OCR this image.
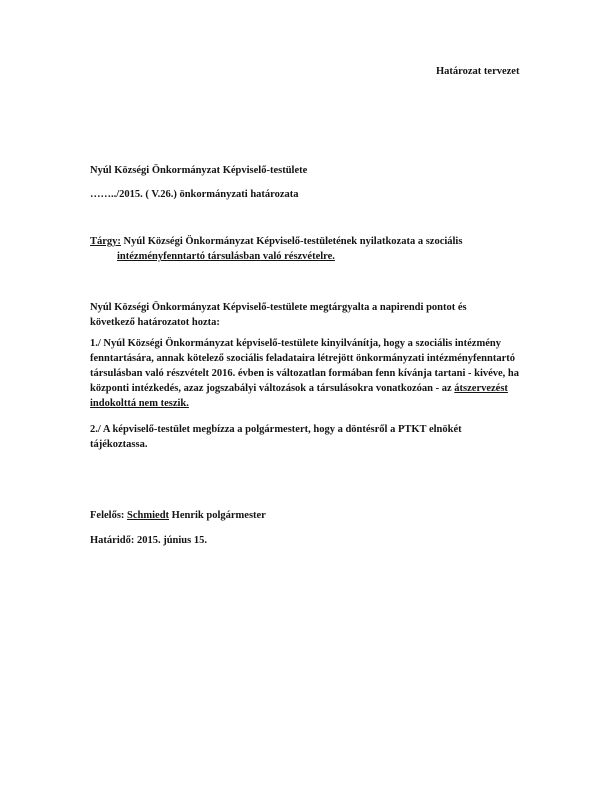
Határozat tervezet
Nyúl Községi Önkormányzat Képviselő-testülete
……../2015. ( V.26.) önkormányzati határozata
Tárgy: Nyúl Községi Önkormányzat Képviselő-testületének nyilatkozata a szociális intézményfenntartó társulásban való részvételre.
Nyúl Községi Önkormányzat Képviselő-testülete megtárgyalta a napirendi pontot és következő határozatot hozta:
1./ Nyúl Községi Önkormányzat képviselő-testülete kinyilvánítja, hogy a szociális intézmény fenntartására, annak kötelező szociális feladataira létrejött önkormányzati intézményfenntartó társulásban való részvételt 2016. évben is változatlan formában fenn kívánja tartani - kivéve, ha központi intézkedés, azaz jogszabályi változások a társulásokra vonatkozóan - az átszervezést indokolttá nem teszik.
2./ A képviselő-testület megbízza a polgármestert, hogy a döntésről a PTKT elnökét tájékoztassa.
Felelős: Schmiedt Henrik polgármester
Határidő: 2015. június 15.
